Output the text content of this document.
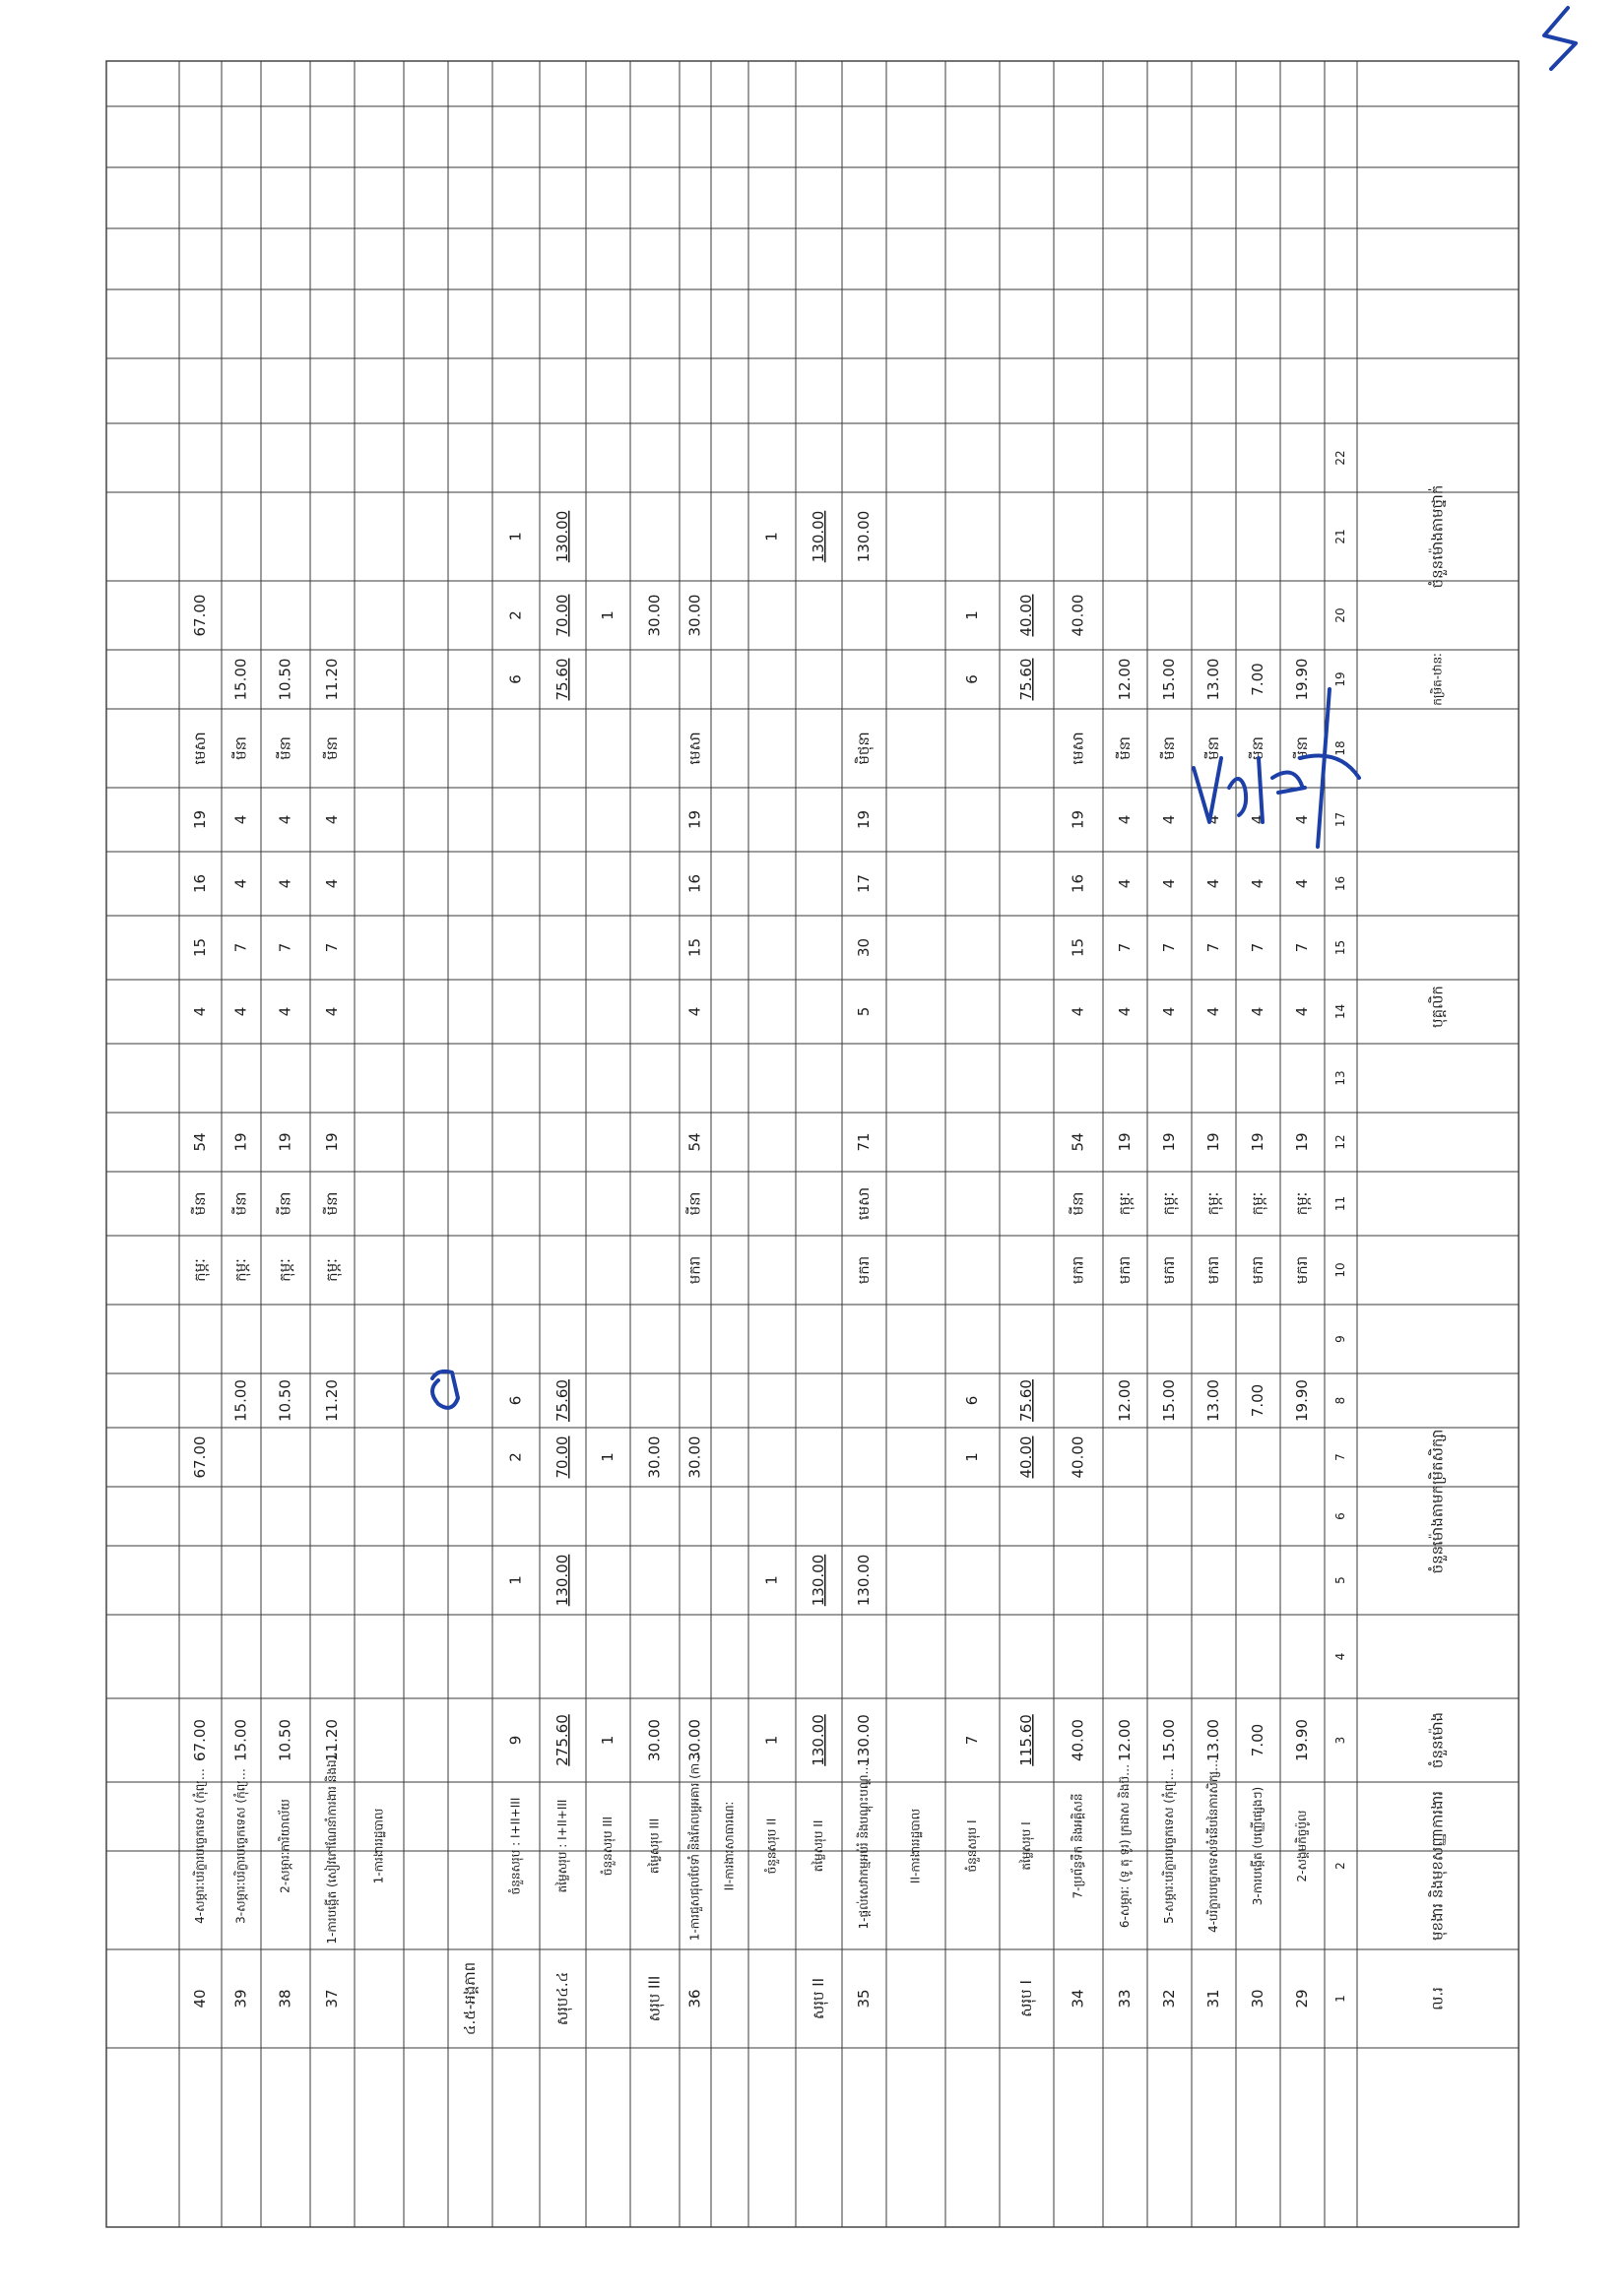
ល.រ
មុខងារ និងមុខសញ្ញាការងារ
ចំនួនម៉ោង
ចំនួនម៉ោងតាមកម្រិតសិក្សា
បុគ្គលិក
កម្រិត-ឋានៈ
ចំនួនម៉ោងតាមថ្នាក់
1
2
3
4
5
6
7
8
9
10
11
12
13
14
15
16
17
18
19
20
21
22
29
2-សង្គមកិច្ចប៉ូល
19.90
19.90
មករា
កុម្ភៈ
19
4
7
4
4
មីនា
19.90
30
3-ការបង្កើត (បញ្ញើផ្សេងៗ)
7.00
7.00
មករា
កុម្ភៈ
19
4
7
4
4
មីនា
7.00
31
4-បរិក្ខារបច្ចេកទេសទំនើបនៃការសិក្ស…
13.00
13.00
មករា
កុម្ភៈ
19
4
7
4
4
មីនា
13.00
32
5-សម្ភារៈបរិក្ខារបច្ចេកទេស (កុំព្យ…
15.00
15.00
មករា
កុម្ភៈ
19
4
7
4
4
មីនា
15.00
33
6-សម្ភារៈ (ទូ តុ ទូរ) ក្រដាស និងប៊…
12.00
12.00
មករា
កុម្ភៈ
19
4
7
4
4
មីនា
12.00
34
7-ប្រព័ន្ធទឹក និងអគ្គិសនី
40.00
40.00
មករា
មីនា
54
4
15
16
19
មេសា
40.00
សរុប I
តម្លៃសរុប I
115.60
40.00
75.60
75.60
40.00
ចំនួនសរុប I
7
1
6
6
1
II-ការងាររដ្ឋបាល
35
1-ផ្តល់សេវាកម្មអប់រំ និងបណ្តុះបណ្ត…
130.00
130.00
មករា
មេសា
71
5
30
17
19
មិថុនា
130.00
សរុប II
តម្លៃសរុប II
130.00
130.00
130.00
ចំនួនសរុប II
1
1
1
II-ការងារសាធារណៈ
36
1-ការជួសជុលថែទាំ និងកែលម្អអគារ (កា…
30.00
30.00
មករា
មីនា
54
4
15
16
19
មេសា
30.00
សរុប III
តម្លៃសរុប III
30.00
30.00
30.00
ចំនួនសរុប III
1
1
1
សរុប៤.៤
តម្លៃសរុប : I+II+III
275.60
130.00
70.00
75.60
75.60
70.00
130.00
ចំនួនសរុប : I+II+III
9
1
2
6
6
2
1
៤.៥-អង្គភាព
1-ការងាររដ្ឋបាល
37
1-ការបង្កើត (សៀវភៅណែនាំការងារ និងឯ…
11.20
11.20
កុម្ភៈ
មីនា
19
4
7
4
4
មីនា
11.20
38
2-សម្ភារៈការិយាល័យ
10.50
10.50
កុម្ភៈ
មីនា
19
4
7
4
4
មីនា
10.50
39
3-សម្ភារៈបរិក្ខារបច្ចេកទេស (កុំព្យ…
15.00
15.00
កុម្ភៈ
មីនា
19
4
7
4
4
មីនា
15.00
40
4-សម្ភារៈបរិក្ខារបច្ចេកទេស (កុំព្យ…
67.00
67.00
កុម្ភៈ
មីនា
54
4
15
16
19
មេសា
67.00
